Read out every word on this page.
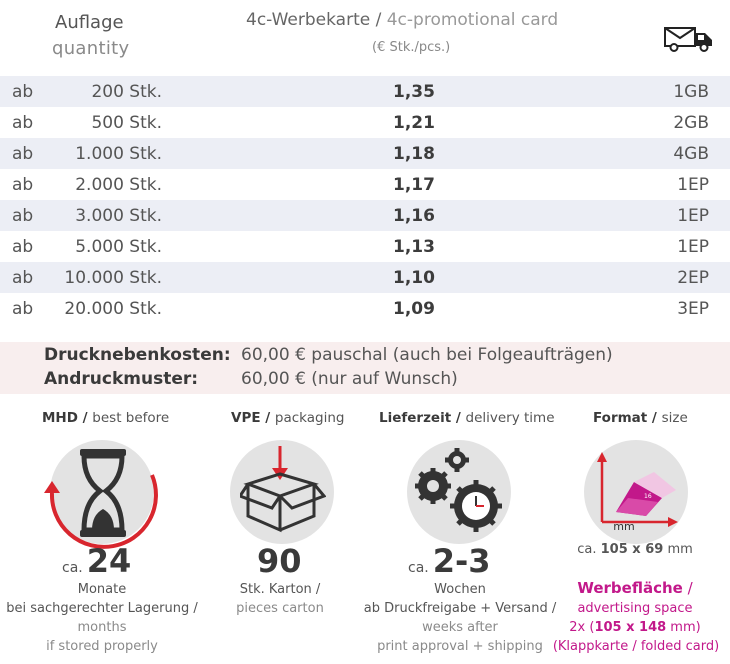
Auflage
quantity
4c-Werbekarte / 4c-promotional card
(€ Stk./pcs.)
ab	200 Stk.	1,35	1GB
ab	500 Stk.	1,21	2GB
ab 1.000 Stk.	1,18	4GB
ab 2.000 Stk.	1,17	1EP
ab 3.000 Stk.	1,16	1EP
ab 5.000 Stk.	1,13	1EP
ab 10.000 Stk.	1,10	2EP
ab 20.000 Stk.	1,09	3EP
Drucknebenkosten: 60,00 € pauschal (auch bei Folgeaufträgen)
Andruckmuster:	60,00 € (nur auf Wunsch)
MHD / best before
ca. 24
Monate
bei sachgerechter Lagerung /
months
if stored properly
VPE / packaging
90
Stk. Karton /
pieces carton
Lieferzeit / delivery time
ca. 2-3
Wochen
ab Druckfreigabe + Versand /
weeks after
print approval + shipping
Format / size
16
mm
ca. 105 x 69 mm
Werbefläche /
advertising space
2x (105 x 148 mm)
(Klappkarte / folded card)
